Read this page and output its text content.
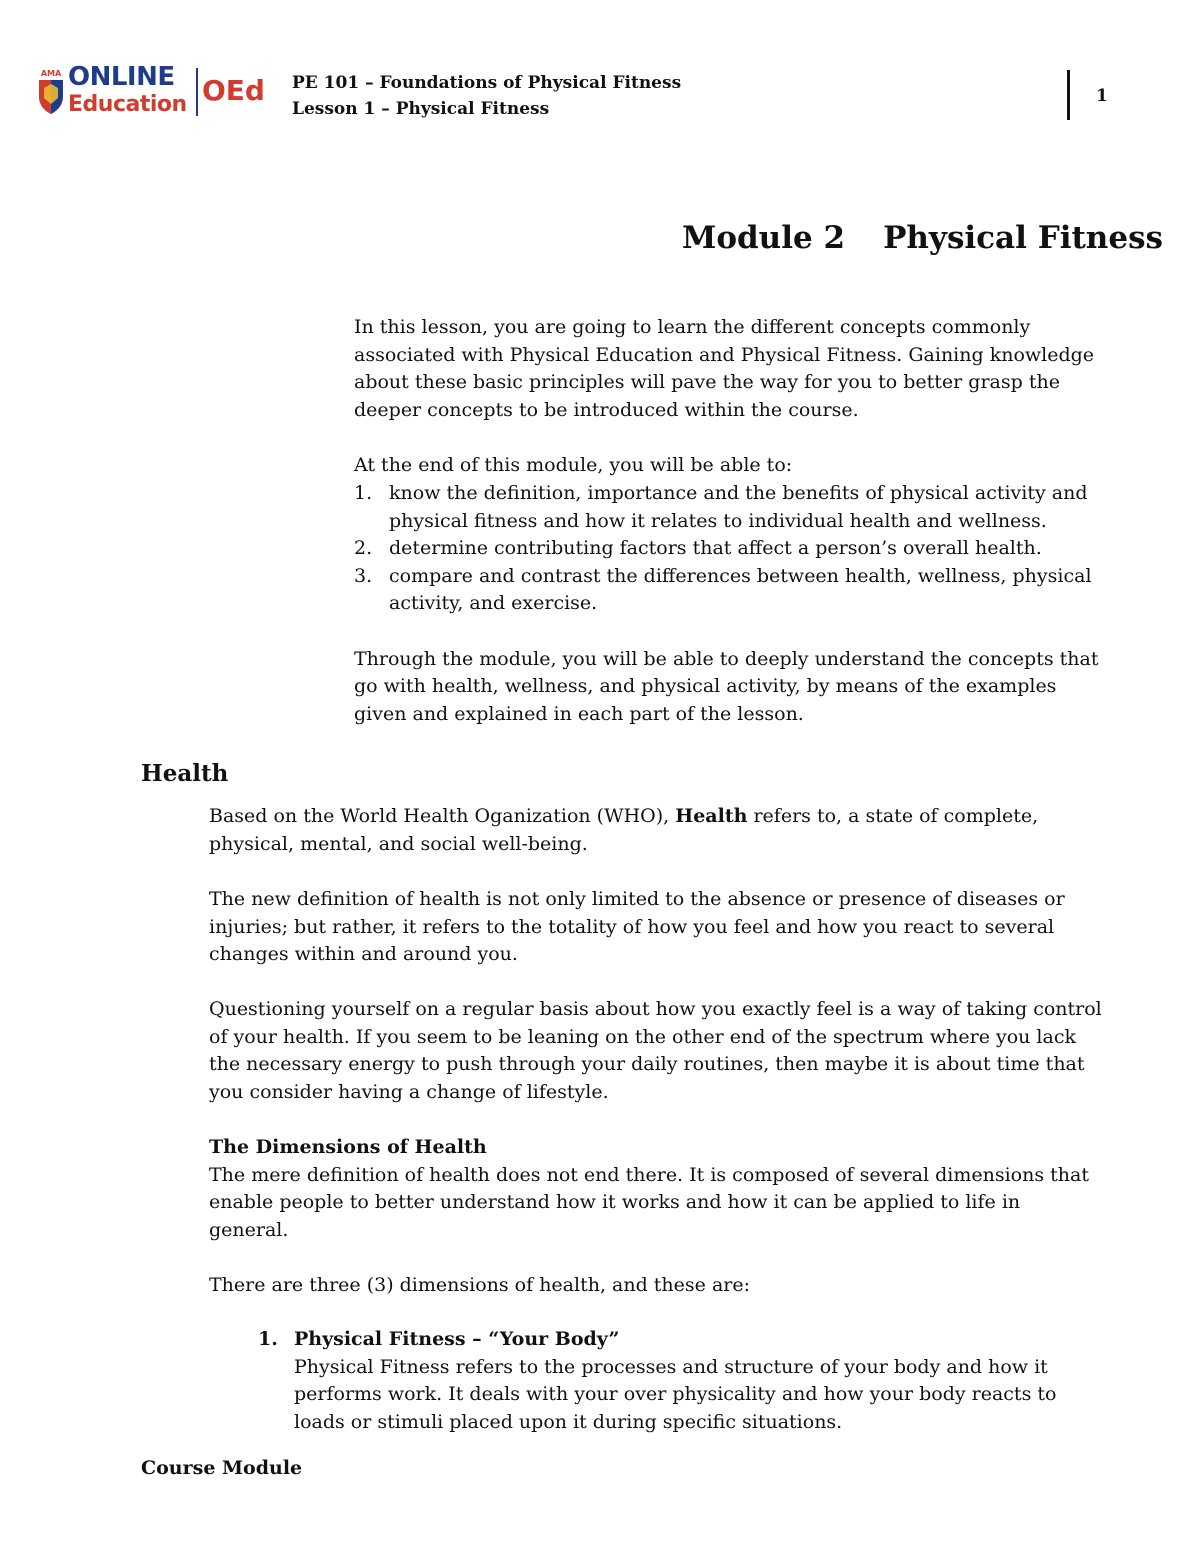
AMA ONLINE
Education OEd PE 101 – Foundations of Physical Fitness
Lesson 1 – Physical Fitness
1
Module 2 Physical Fitness
In this lesson, you are going to learn the different concepts commonly
associated with Physical Education and Physical Fitness. Gaining knowledge
about these basic principles will pave the way for you to better grasp the
deeper concepts to be introduced within the course.
At the end of this module, you will be able to:
1. know the definition, importance and the benefits of physical activity and
physical fitness and how it relates to individual health and wellness.
2. determine contributing factors that affect a person’s overall health.
3. compare and contrast the differences between health, wellness, physical
activity, and exercise.
Through the module, you will be able to deeply understand the concepts that
go with health, wellness, and physical activity, by means of the examples
given and explained in each part of the lesson.
Health
Based on the World Health Oganization (WHO), Health refers to, a state of complete,
physical, mental, and social well-being.
The new definition of health is not only limited to the absence or presence of diseases or
injuries; but rather, it refers to the totality of how you feel and how you react to several
changes within and around you.
Questioning yourself on a regular basis about how you exactly feel is a way of taking control
of your health. If you seem to be leaning on the other end of the spectrum where you lack
the necessary energy to push through your daily routines, then maybe it is about time that
you consider having a change of lifestyle.
The Dimensions of Health
The mere definition of health does not end there. It is composed of several dimensions that
enable people to better understand how it works and how it can be applied to life in
general.
There are three (3) dimensions of health, and these are:
1. Physical Fitness – “Your Body”
Physical Fitness refers to the processes and structure of your body and how it
performs work. It deals with your over physicality and how your body reacts to
loads or stimuli placed upon it during specific situations.
Course Module
